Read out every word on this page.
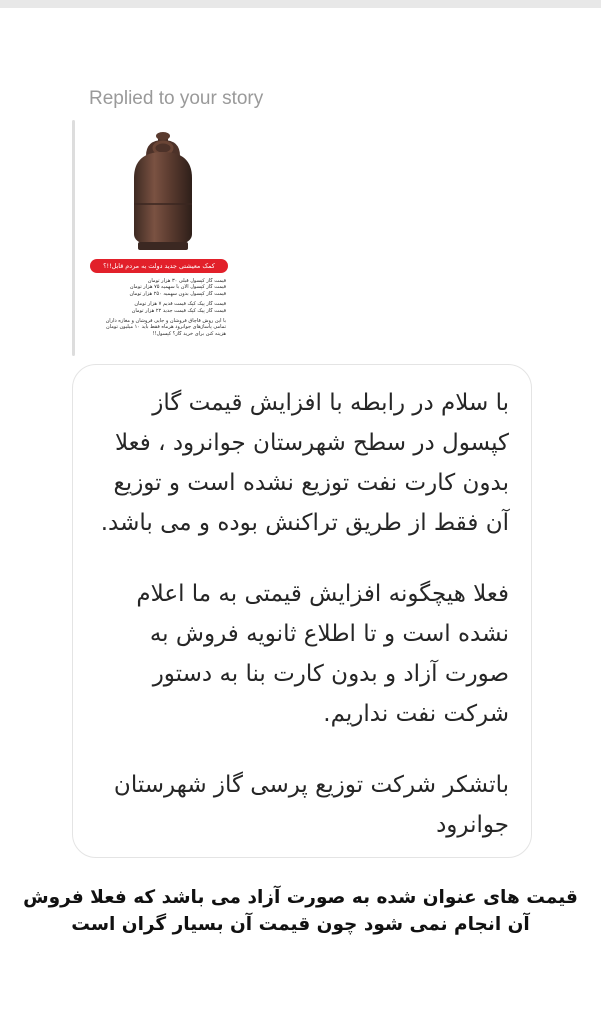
Replied to your story
کمک معیشتی جدید دولت به مردم قابل!!؟
قیمت گاز کپسول قبلی ۳۰ هزار تومان
قیمت گاز کپسول الان با سهمیه ۷۵ هزار تومان
قیمت گاز کپسول بدون سهمیه ۲۵۰ هزار تومان
قیمت گاز پیک کپک قیمت قدیم ۷ هزار تومان
قیمت گاز پیک کپک قیمت جدید ۲۲ هزار تومان
با این روش قاچاق فروشان و جایی فروشان و مغازه داران
تمامی پاساژهای جوانرود هرماه فقط باید ۱۰ میلیون تومان
هزینه کنن برای خرید گاز؟ کپسول!!

با سلام در رابطه با افزایش قیمت گاز کپسول در سطح شهرستان جوانرود ، فعلا بدون کارت نفت توزیع نشده است و توزیع آن فقط از طریق تراکنش بوده و می باشد.

فعلا هیچگونه افزایش قیمتی به ما اعلام نشده است و تا اطلاع ثانویه فروش به صورت آزاد و بدون کارت بنا به دستور شرکت نفت نداریم.

باتشکر شرکت توزیع پرسی گاز شهرستان جوانرود

قیمت های عنوان شده به صورت آزاد می باشد که فعلا فروش آن انجام نمی شود چون قیمت آن بسیار گران است
